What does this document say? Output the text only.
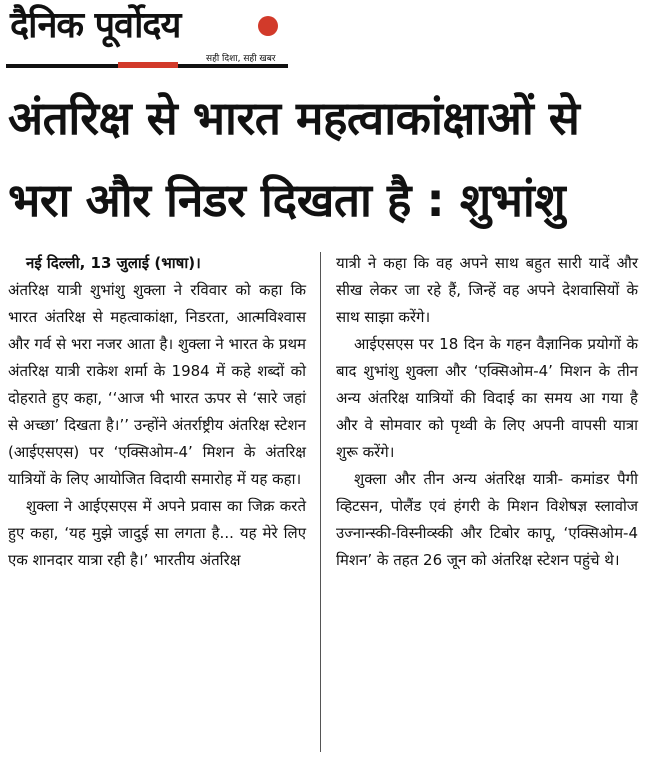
दैनिक पूर्वोदय
सही दिशा, सही खबर
अंतरिक्ष से भारत महत्वाकांक्षाओं से
भरा और निडर दिखता है : शुभांशु

नई दिल्ली, 13 जुलाई (भाषा)।
अंतरिक्ष यात्री शुभांशु शुक्ला ने रविवार को कहा कि भारत अंतरिक्ष से महत्वाकांक्षा, निडरता, आत्मविश्वास और गर्व से भरा नजर आता है। शुक्ला ने भारत के प्रथम अंतरिक्ष यात्री राकेश शर्मा के 1984 में कहे शब्दों को दोहराते हुए कहा, ‘‘आज भी भारत ऊपर से ‘सारे जहां से अच्छा’ दिखता है।’’ उन्होंने अंतर्राष्ट्रीय अंतरिक्ष स्टेशन (आईएसएस) पर ‘एक्सिओम-4’ मिशन के अंतरिक्ष यात्रियों के लिए आयोजित विदायी समारोह में यह कहा।

शुक्ला ने आईएसएस में अपने प्रवास का जिक्र करते हुए कहा, ‘यह मुझे जादुई सा लगता है... यह मेरे लिए एक शानदार यात्रा रही है।’ भारतीय अंतरिक्ष

यात्री ने कहा कि वह अपने साथ बहुत सारी यादें और सीख लेकर जा रहे हैं, जिन्हें वह अपने देशवासियों के साथ साझा करेंगे।

आईएसएस पर 18 दिन के गहन वैज्ञानिक प्रयोगों के बाद शुभांशु शुक्ला और ‘एक्सिओम-4’ मिशन के तीन अन्य अंतरिक्ष यात्रियों की विदाई का समय आ गया है और वे सोमवार को पृथ्वी के लिए अपनी वापसी यात्रा शुरू करेंगे।

शुक्ला और तीन अन्य अंतरिक्ष यात्री- कमांडर पैगी व्हिटसन, पोलैंड एवं हंगरी के मिशन विशेषज्ञ स्लावोज उज्नान्स्की-विस्नीव्स्की और टिबोर कापू, ‘एक्सिओम-4 मिशन’ के तहत 26 जून को अंतरिक्ष स्टेशन पहुंचे थे।
